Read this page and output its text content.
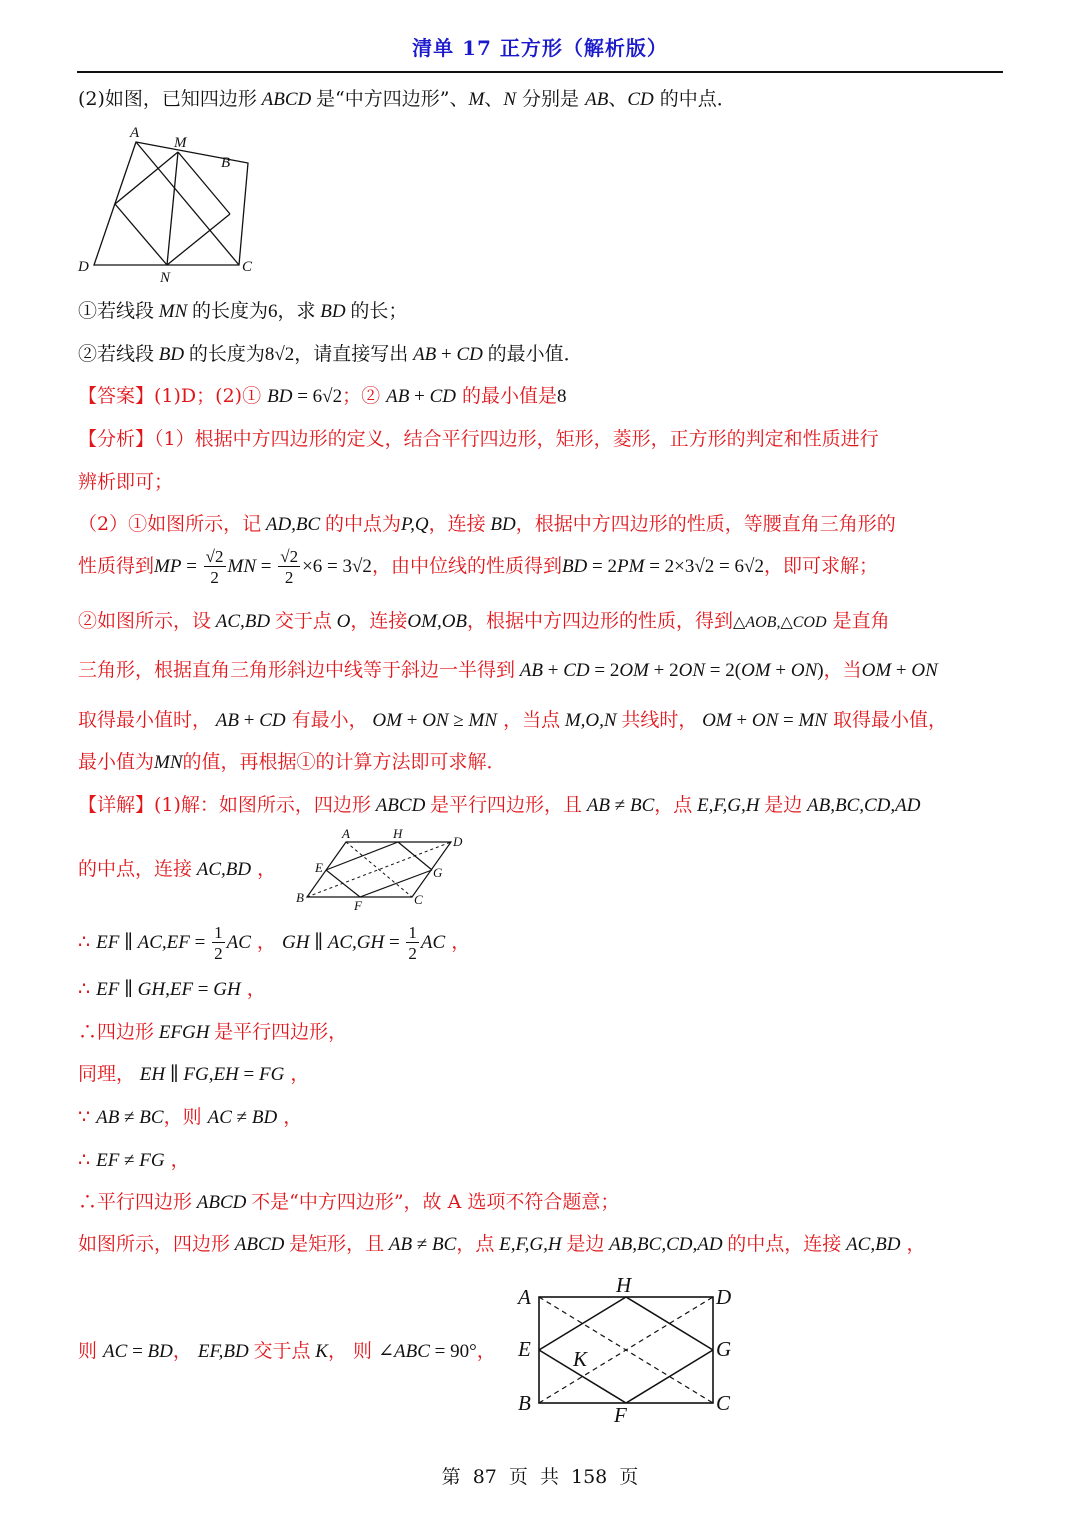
清单 17 正方形（解析版）
(2)如图，已知四边形 ABCD 是“中方四边形”、M、N 分别是 AB、CD 的中点．
A
M
B
D
N
C
①若线段 MN 的长度为6，求 BD 的长；
②若线段 BD 的长度为8√2，请直接写出 AB + CD 的最小值．
【答案】(1)D；(2)① BD = 6√2；② AB + CD 的最小值是8
【分析】（1）根据中方四边形的定义，结合平行四边形，矩形，菱形，正方形的判定和性质进行
辨析即可；
（2）①如图所示，记 AD,BC 的中点为P,Q，连接 BD，根据中方四边形的性质，等腰直角三角形的
性质得到MP = $\frac{√2}{2}$ MN = $\frac{√2}{2} \times 6 = 3√2$，由中位线的性质得到BD = 2PM = 2×3√2 = 6√2，即可求解；
②如图所示，设 AC,BD 交于点 O，连接OM,OB，根据中方四边形的性质，得到△AOB,△COD 是直角
三角形，根据直角三角形斜边中线等于斜边一半得到 AB + CD = 2OM + 2ON = 2(OM + ON)，当OM + ON
取得最小值时， AB + CD 有最小， OM + ON ≥ MN ，当点 M,O,N 共线时， OM + ON = MN 取得最小值，
最小值为MN的值，再根据①的计算方法即可求解．
【详解】(1)解：如图所示，四边形 ABCD 是平行四边形，且 AB ≠ BC，点 E,F,G,H 是边 AB,BC,CD,AD
的中点，连接 AC,BD ，
A	H
D
E	G
B
F	C
∴ EF ∥ $AC,EF = \frac{1}{2}$ AC ， GH ∥ $AC,GH = \frac{1}{2}$ AC ，
∴ EF ∥ GH,EF = GH ，
∴四边形 EFGH 是平行四边形，
同理， EH ∥ FG,EH = FG ，
∵ AB ≠ BC，则 AC ≠ BD ，
∴ EF ≠ FG ，
∴平行四边形 ABCD 不是“中方四边形”，故 A 选项不符合题意；
如图所示，四边形 ABCD 是矩形，且 AB ≠ BC，点 E,F,G,H 是边 AB,BC,CD,AD 的中点，连接 AC,BD ，
则 AC = BD， EF,BD 交于点 K， 则 ∠ABC = 90°，
A	H	D
E K	G
B	F	C
第 87 页 共 158 页
